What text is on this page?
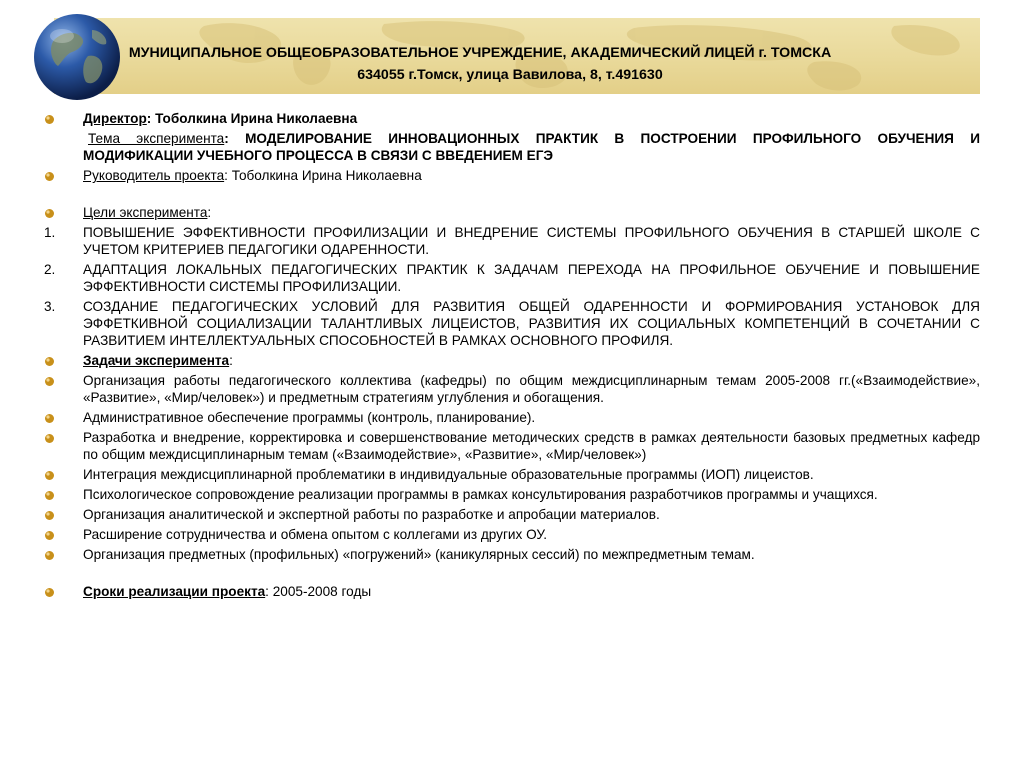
МУНИЦИПАЛЬНОЕ ОБЩЕОБРАЗОВАТЕЛЬНОЕ УЧРЕЖДЕНИЕ, АКАДЕМИЧЕСКИЙ ЛИЦЕЙ г. ТОМСКА
634055 г.Томск, улица Вавилова, 8, т.491630
Директор: Тоболкина Ирина Николаевна
Тема эксперимента: МОДЕЛИРОВАНИЕ ИННОВАЦИОННЫХ ПРАКТИК В ПОСТРОЕНИИ ПРОФИЛЬНОГО ОБУЧЕНИЯ И МОДИФИКАЦИИ УЧЕБНОГО ПРОЦЕССА В СВЯЗИ С ВВЕДЕНИЕМ ЕГЭ
Руководитель проекта: Тоболкина Ирина Николаевна
Цели эксперимента:
1. ПОВЫШЕНИЕ ЭФФЕКТИВНОСТИ ПРОФИЛИЗАЦИИ И ВНЕДРЕНИЕ СИСТЕМЫ ПРОФИЛЬНОГО ОБУЧЕНИЯ В СТАРШЕЙ ШКОЛЕ С УЧЕТОМ КРИТЕРИЕВ ПЕДАГОГИКИ ОДАРЕННОСТИ.
2. АДАПТАЦИЯ ЛОКАЛЬНЫХ ПЕДАГОГИЧЕСКИХ ПРАКТИК К ЗАДАЧАМ ПЕРЕХОДА НА ПРОФИЛЬНОЕ ОБУЧЕНИЕ И ПОВЫШЕНИЕ ЭФФЕКТИВНОСТИ СИСТЕМЫ ПРОФИЛИЗАЦИИ.
3. СОЗДАНИЕ ПЕДАГОГИЧЕСКИХ УСЛОВИЙ ДЛЯ РАЗВИТИЯ ОБЩЕЙ ОДАРЕННОСТИ И ФОРМИРОВАНИЯ УСТАНОВОК ДЛЯ ЭФФЕТКИВНОЙ СОЦИАЛИЗАЦИИ ТАЛАНТЛИВЫХ ЛИЦЕИСТОВ, РАЗВИТИЯ ИХ СОЦИАЛЬНЫХ КОМПЕТЕНЦИЙ В СОЧЕТАНИИ С РАЗВИТИЕМ ИНТЕЛЛЕКТУАЛЬНЫХ СПОСОБНОСТЕЙ В РАМКАХ ОСНОВНОГО ПРОФИЛЯ.
Задачи эксперимента:
Организация работы педагогического коллектива (кафедры) по общим междисциплинарным темам 2005-2008 гг.(«Взаимодействие», «Развитие», «Мир/человек») и предметным стратегиям углубления и обогащения.
Административное обеспечение программы (контроль, планирование).
Разработка и внедрение, корректировка и совершенствование методических средств в рамках деятельности базовых предметных кафедр по общим междисциплинарным темам («Взаимодействие», «Развитие», «Мир/человек»)
Интеграция междисциплинарной проблематики в индивидуальные образовательные программы (ИОП) лицеистов.
Психологическое сопровождение реализации программы в рамках консультирования разработчиков программы и учащихся.
Организация аналитической и экспертной работы по разработке и апробации материалов.
Расширение сотрудничества и обмена опытом с коллегами из других ОУ.
Организация предметных (профильных) «погружений» (каникулярных сессий) по межпредметным темам.
Сроки реализации проекта: 2005-2008 годы
